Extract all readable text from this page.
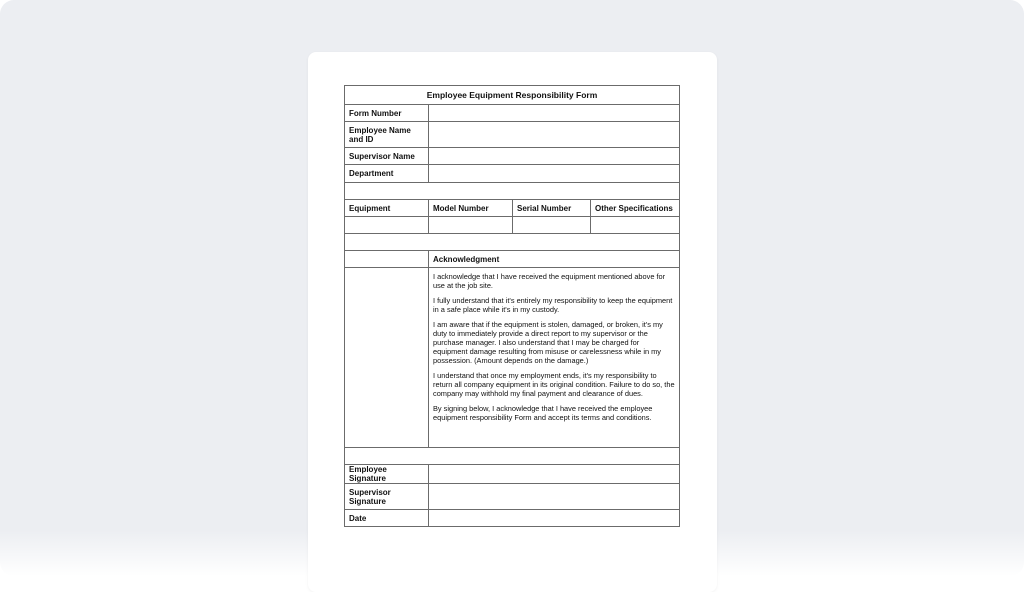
Employee Equipment Responsibility Form			
Form Number			
Employee Name and ID			
Supervisor Name			
Department			

Equipment	Model Number	Serial Number	Other Specifications

	Acknowledgment		

	I acknowledge that I have received the equipment mentioned above for use at the job site.

I fully understand that it's entirely my responsibility to keep the equipment in a safe place while it's in my custody.

I am aware that if the equipment is stolen, damaged, or broken, it's my duty to immediately provide a direct report to my supervisor or the purchase manager. I also understand that I may be charged for equipment damage resulting from misuse or carelessness while in my possession. (Amount depends on the damage.)

I understand that once my employment ends, it's my responsibility to return all company equipment in its original condition. Failure to do so, the company may withhold my final payment and clearance of dues.

By signing below, I acknowledge that I have received the employee equipment responsibility Form and accept its terms and conditions.		

Employee Signature			
Supervisor Signature			
Date			
